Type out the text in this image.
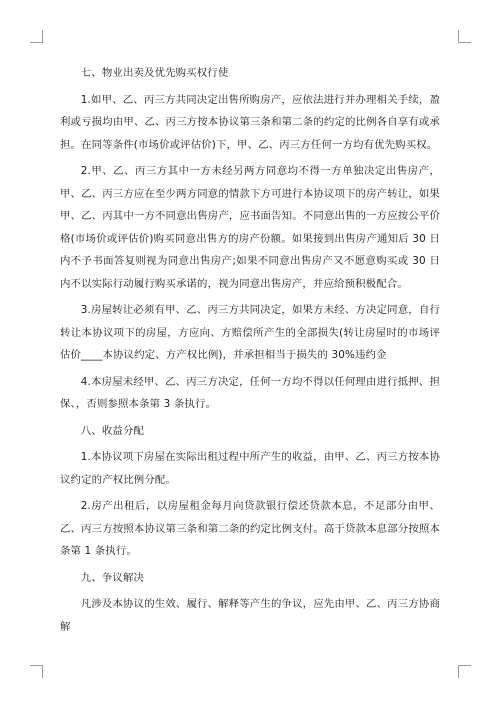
七、物业出卖及优先购买权行使

1.如甲、乙、丙三方共同决定出售所购房产，应依法进行并办理相关手续，盈利或亏损均由甲、乙、丙三方按本协议第三条和第二条的约定的比例各自享有或承担。在同等条件(市场价或评估价)下，甲、乙、丙三方任何一方均有优先购买权。

2.甲、乙、丙三方其中一方未经另两方同意均不得一方单独决定出售房产，甲、乙、丙三方应在至少两方同意的情款下方可进行本协议项下的房产转让，如果甲、乙、丙其中一方不同意出售房产，应书面告知。不同意出售的一方应按公平价格(市场价或评估价)购买同意出售方的房产份额。如果接到出售房产通知后 30 日内不予书面答复则视为同意出售房产;如果不同意出售房产又不愿意购买或 30 日内不以实际行动履行购买承诺的，视为同意出售房产，并应给预积极配合。

3.房屋转让必须有甲、乙、丙三方共同决定，如果方未经、方决定同意，自行转让本协议项下的房屋，方应向、方赔偿所产生的全部损失(转让房屋时的市场评估价____本协议约定、方产权比例)，并承担相当于损失的 30%违约金

4.本房屋未经甲、乙、丙三方决定，任何一方均不得以任何理由进行抵押、担保、，否则参照本条第 3 条执行。

八、收益分配

1.本协议项下房屋在实际出租过程中所产生的收益，由甲、乙、丙三方按本协议约定的产权比例分配。

2.房产出租后，以房屋租金每月向贷款银行偿还贷款本息，不足部分由甲、乙、丙三方按照本协议第三条和第二条的约定比例支付。高于贷款本息部分按照本条第 1 条执行。

九、争议解决

凡涉及本协议的生效、履行、解释等产生的争议，应先由甲、乙、丙三方协商解
